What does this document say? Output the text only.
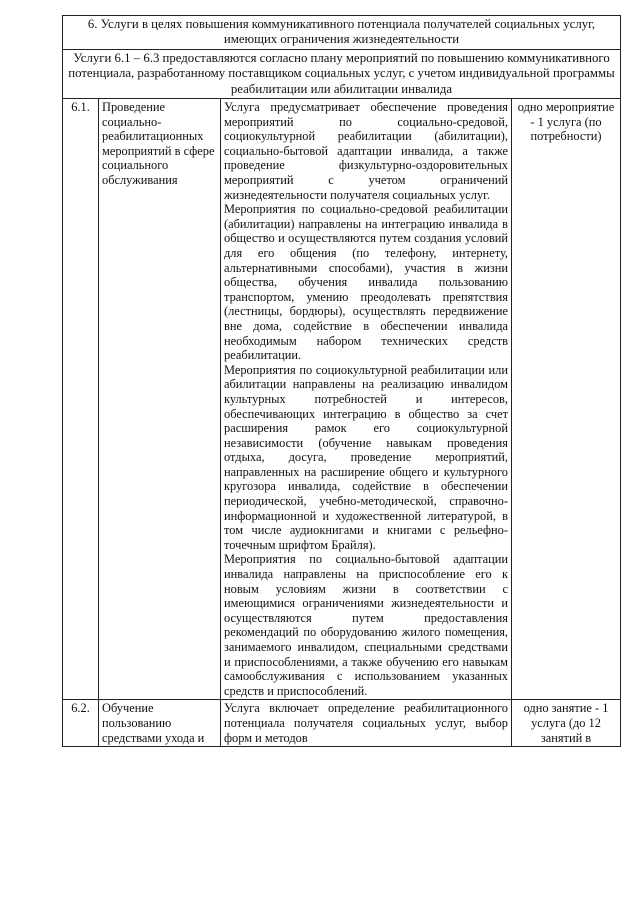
6. Услуги в целях повышения коммуникативного потенциала получателей социальных услуг, имеющих ограничения жизнедеятельности			
Услуги 6.1 – 6.3 предоставляются согласно плану мероприятий по повышению коммуникативного потенциала, разработанному поставщиком социальных услуг, с учетом индивидуальной программы реабилитации или абилитации инвалида			
6.1.	Проведение социально-реабилитационных мероприятий в сфере социального обслуживания	Услуга предусматривает обеспечение проведения мероприятий по социально-средовой, социокультурной реабилитации (абилитации), социально-бытовой адаптации инвалида, а также проведение физкультурно-оздоровительных мероприятий с учетом ограничений жизнедеятельности получателя социальных услуг.

Мероприятия по социально-средовой реабилитации (абилитации) направлены на интеграцию инвалида в общество и осуществляются путем создания условий для его общения (по телефону, интернету, альтернативными способами), участия в жизни общества, обучения инвалида пользованию транспортом, умению преодолевать препятствия (лестницы, бордюры), осуществлять передвижение вне дома, содействие в обеспечении инвалида необходимым набором технических средств реабилитации.

Мероприятия по социокультурной реабилитации или абилитации направлены на реализацию инвалидом культурных потребностей и интересов, обеспечивающих интеграцию в общество за счет расширения рамок его социокультурной независимости (обучение навыкам проведения отдыха, досуга, проведение мероприятий, направленных на расширение общего и культурного кругозора инвалида, содействие в обеспечении периодической, учебно-методической, справочно-информационной и художественной литературой, в том числе аудиокнигами и книгами с рельефно-точечным шрифтом Брайля).

Мероприятия по социально-бытовой адаптации инвалида направлены на приспособление его к новым условиям жизни в соответствии с имеющимися ограничениями жизнедеятельности и осуществляются путем предоставления рекомендаций по оборудованию жилого помещения, занимаемого инвалидом, специальными средствами и приспособлениями, а также обучению его навыкам самообслуживания с использованием указанных средств и приспособлений.	одно мероприятие - 1 услуга (по потребности)
6.2.	Обучение пользованию средствами ухода и	Услуга включает определение реабилитационного потенциала получателя социальных услуг, выбор форм и методов	одно занятие - 1 услуга (до 12 занятий в
